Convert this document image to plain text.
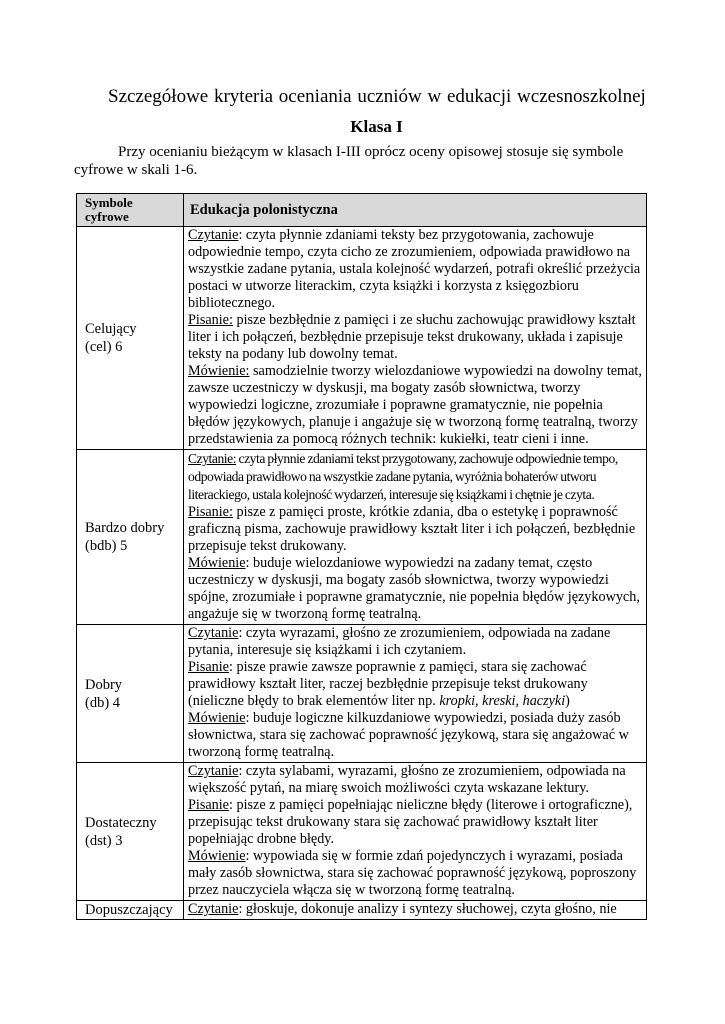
Szczegółowe kryteria oceniania uczniów w edukacji wczesnoszkolnej
Klasa I

Przy ocenianiu bieżącym w klasach I-III oprócz oceny opisowej stosuje się symbole cyfrowe w skali 1-6.

Symbole cyfrowe	Edukacja polonistyczna
Celujący
(cel) 6	Czytanie: czyta płynnie zdaniami teksty bez przygotowania, zachowuje odpowiednie tempo, czyta cicho ze zrozumieniem, odpowiada prawidłowo na wszystkie zadane pytania, ustala kolejność wydarzeń, potrafi określić przeżycia postaci w utworze literackim, czyta książki i korzysta z księgozbioru bibliotecznego.
Pisanie: pisze bezbłędnie z pamięci i ze słuchu zachowując prawidłowy kształt liter i ich połączeń, bezbłędnie przepisuje tekst drukowany, układa i zapisuje teksty na podany lub dowolny temat.
Mówienie: samodzielnie tworzy wielozdaniowe wypowiedzi na dowolny temat, zawsze uczestniczy w dyskusji, ma bogaty zasób słownictwa, tworzy wypowiedzi logiczne, zrozumiałe i poprawne gramatycznie, nie popełnia błędów językowych, planuje i angażuje się w tworzoną formę teatralną, tworzy przedstawienia za pomocą różnych technik: kukiełki, teatr cieni i inne.
Bardzo dobry
(bdb) 5	Czytanie: czyta płynnie zdaniami tekst przygotowany, zachowuje odpowiednie tempo, odpowiada prawidłowo na wszystkie zadane pytania, wyróżnia bohaterów utworu literackiego, ustala kolejność wydarzeń, interesuje się książkami i chętnie je czyta.
Pisanie: pisze z pamięci proste, krótkie zdania, dba o estetykę i poprawność graficzną pisma, zachowuje prawidłowy kształt liter i ich połączeń, bezbłędnie przepisuje tekst drukowany.
Mówienie: buduje wielozdaniowe wypowiedzi na zadany temat, często uczestniczy w dyskusji, ma bogaty zasób słownictwa, tworzy wypowiedzi spójne, zrozumiałe i poprawne gramatycznie, nie popełnia błędów językowych, angażuje się w tworzoną formę teatralną.
Dobry
(db) 4	Czytanie: czyta wyrazami, głośno ze zrozumieniem, odpowiada na zadane pytania, interesuje się książkami i ich czytaniem.
Pisanie: pisze prawie zawsze poprawnie z pamięci, stara się zachować prawidłowy kształt liter, raczej bezbłędnie przepisuje tekst drukowany (nieliczne błędy to brak elementów liter np. kropki, kreski, haczyki)
Mówienie: buduje logiczne kilkuzdaniowe wypowiedzi, posiada duży zasób słownictwa, stara się zachować poprawność językową, stara się angażować w tworzoną formę teatralną.
Dostateczny
(dst) 3	Czytanie: czyta sylabami, wyrazami, głośno ze zrozumieniem, odpowiada na większość pytań, na miarę swoich możliwości czyta wskazane lektury.
Pisanie: pisze z pamięci popełniając nieliczne błędy (literowe i ortograficzne), przepisując tekst drukowany stara się zachować prawidłowy kształt liter popełniając drobne błędy.
Mówienie: wypowiada się w formie zdań pojedynczych i wyrazami, posiada mały zasób słownictwa, stara się zachować poprawność językową, poproszony przez nauczyciela włącza się w tworzoną formę teatralną.
Dopuszczający	Czytanie: głoskuje, dokonuje analizy i syntezy słuchowej, czyta głośno, nie
